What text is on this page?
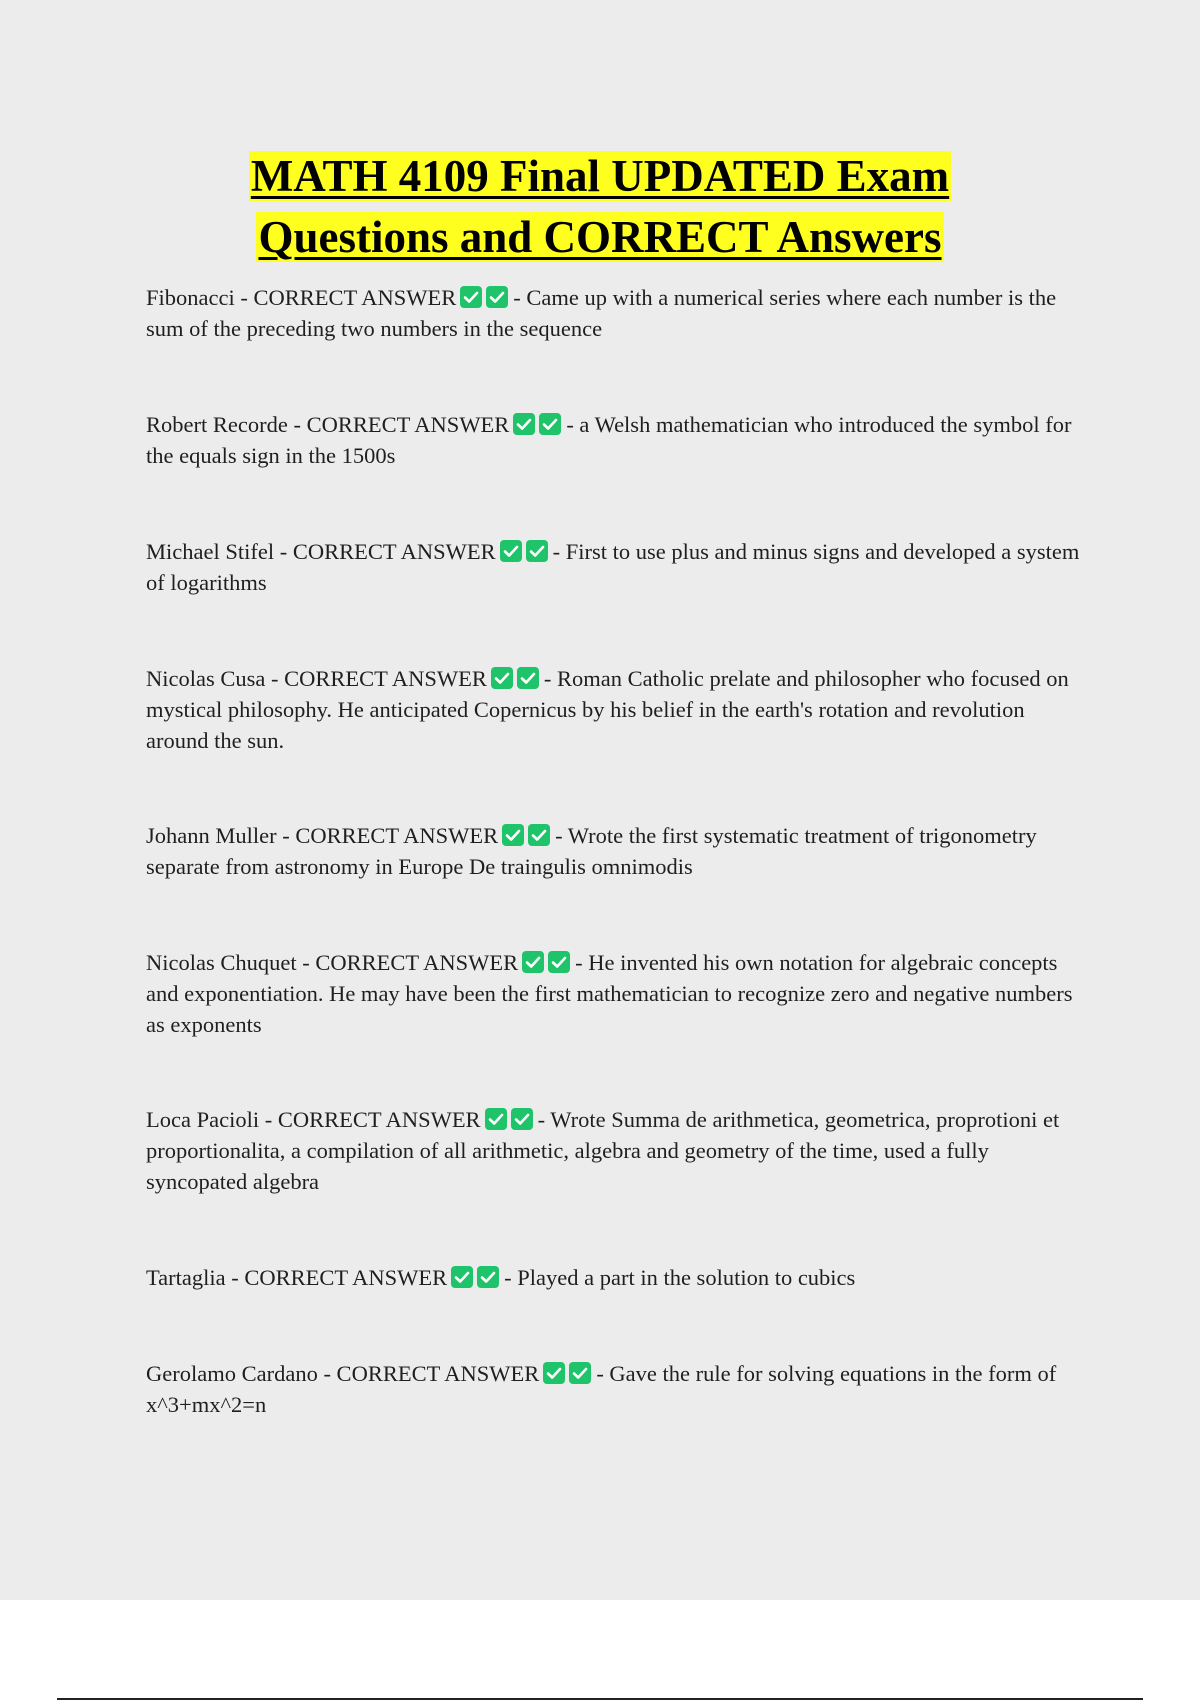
MATH 4109 Final UPDATED Exam
Questions and CORRECT Answers
Fibonacci - CORRECT ANSWER	- Came up with a numerical series where each number is the sum of the preceding two numbers in the sequence
Robert Recorde - CORRECT ANSWER	- a Welsh mathematician who introduced the symbol for the equals sign in the 1500s
Michael Stifel - CORRECT ANSWER	- First to use plus and minus signs and developed a system of logarithms
Nicolas Cusa - CORRECT ANSWER	- Roman Catholic prelate and philosopher who focused on mystical philosophy. He anticipated Copernicus by his belief in the earth's rotation and revolution around the sun.
Johann Muller - CORRECT ANSWER	- Wrote the first systematic treatment of trigonometry separate from astronomy in Europe De traingulis omnimodis
Nicolas Chuquet - CORRECT ANSWER	- He invented his own notation for algebraic concepts and exponentiation. He may have been the first mathematician to recognize zero and negative numbers as exponents
Loca Pacioli - CORRECT ANSWER	- Wrote Summa de arithmetica, geometrica, proprotioni et proportionalita, a compilation of all arithmetic, algebra and geometry of the time, used a fully syncopated algebra
Tartaglia - CORRECT ANSWER	- Played a part in the solution to cubics
Gerolamo Cardano - CORRECT ANSWER	- Gave the rule for solving equations in the form of x^3+mx^2=n
